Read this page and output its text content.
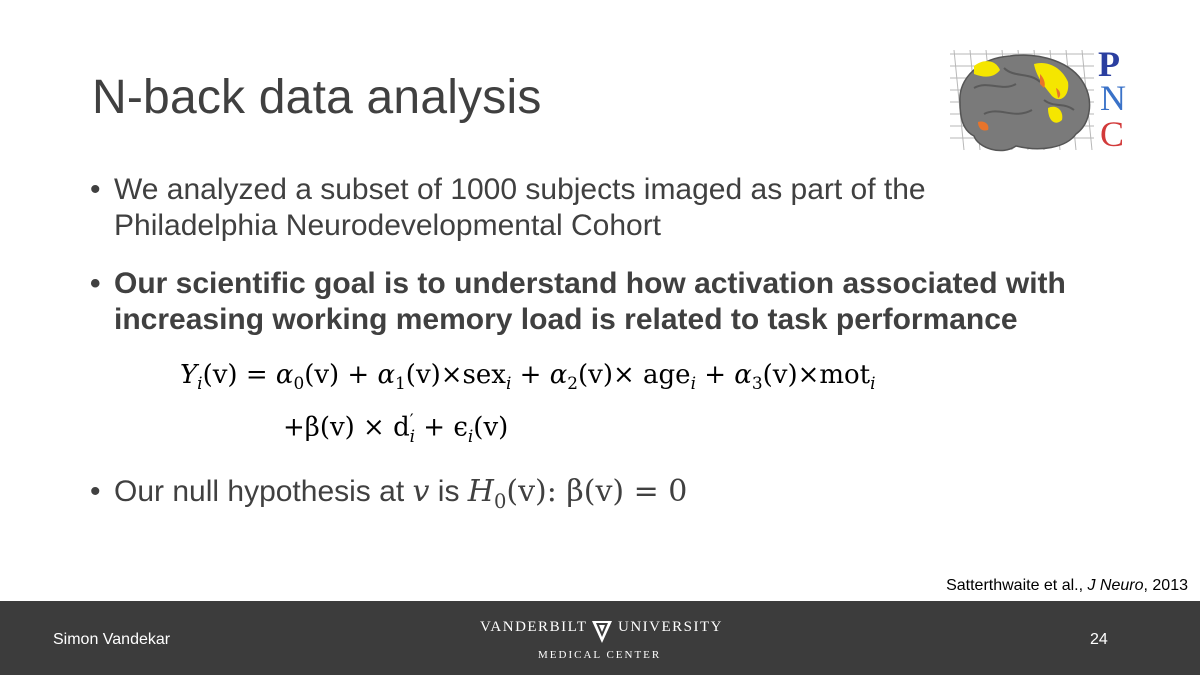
N-back data analysis
P
N
C
• We analyzed a subset of 1000 subjects imaged as part of the
Philadelphia Neurodevelopmental Cohort
• Our scientific goal is to understand how activation associated with
increasing working memory load is related to task performance
$Y_i(v) = \alpha_0(v) + \alpha_1(v)\times sex_i + \alpha_2(v)\times age_i + \alpha_3(v)\times mot_i$
$+\beta(v) \times d'_i + \epsilon_i(v)$
• Our null hypothesis at v is $H_0(v)$: β(v) = 0
Satterthwaite et al., J Neuro, 2013
Simon Vandekar
VANDERBILT UNIVERSITY
MEDICAL CENTER
24
